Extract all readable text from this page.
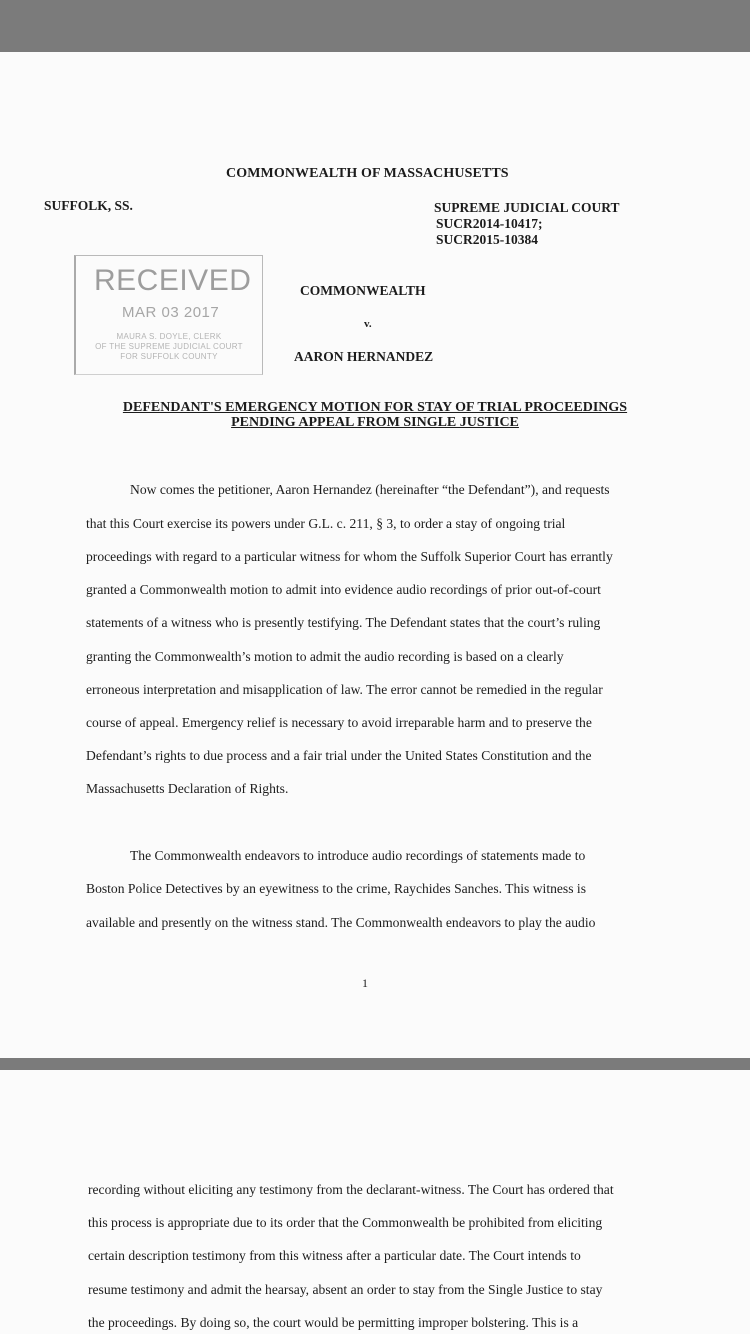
COMMONWEALTH OF MASSACHUSETTS
SUFFOLK, SS.	SUPREME JUDICIAL COURT
SUCR2014-10417;
SUCR2015-10384
RECEIVED
MAR 03 2017
MAURA S. DOYLE, CLERK
OF THE SUPREME JUDICIAL COURT
FOR SUFFOLK COUNTY
COMMONWEALTH
v.
AARON HERNANDEZ
DEFENDANT'S EMERGENCY MOTION FOR STAY OF TRIAL PROCEEDINGS
PENDING APPEAL FROM SINGLE JUSTICE
Now comes the petitioner, Aaron Hernandez (hereinafter “the Defendant”), and requests
that this Court exercise its powers under G.L. c. 211, § 3, to order a stay of ongoing trial
proceedings with regard to a particular witness for whom the Suffolk Superior Court has errantly
granted a Commonwealth motion to admit into evidence audio recordings of prior out-of-court
statements of a witness who is presently testifying. The Defendant states that the court’s ruling
granting the Commonwealth’s motion to admit the audio recording is based on a clearly
erroneous interpretation and misapplication of law. The error cannot be remedied in the regular
course of appeal. Emergency relief is necessary to avoid irreparable harm and to preserve the
Defendant’s rights to due process and a fair trial under the United States Constitution and the
Massachusetts Declaration of Rights.
The Commonwealth endeavors to introduce audio recordings of statements made to
Boston Police Detectives by an eyewitness to the crime, Raychides Sanches. This witness is
available and presently on the witness stand. The Commonwealth endeavors to play the audio
1
recording without eliciting any testimony from the declarant-witness. The Court has ordered that
this process is appropriate due to its order that the Commonwealth be prohibited from eliciting
certain description testimony from this witness after a particular date. The Court intends to
resume testimony and admit the hearsay, absent an order to stay from the Single Justice to stay
the proceedings. By doing so, the court would be permitting improper bolstering. This is a
